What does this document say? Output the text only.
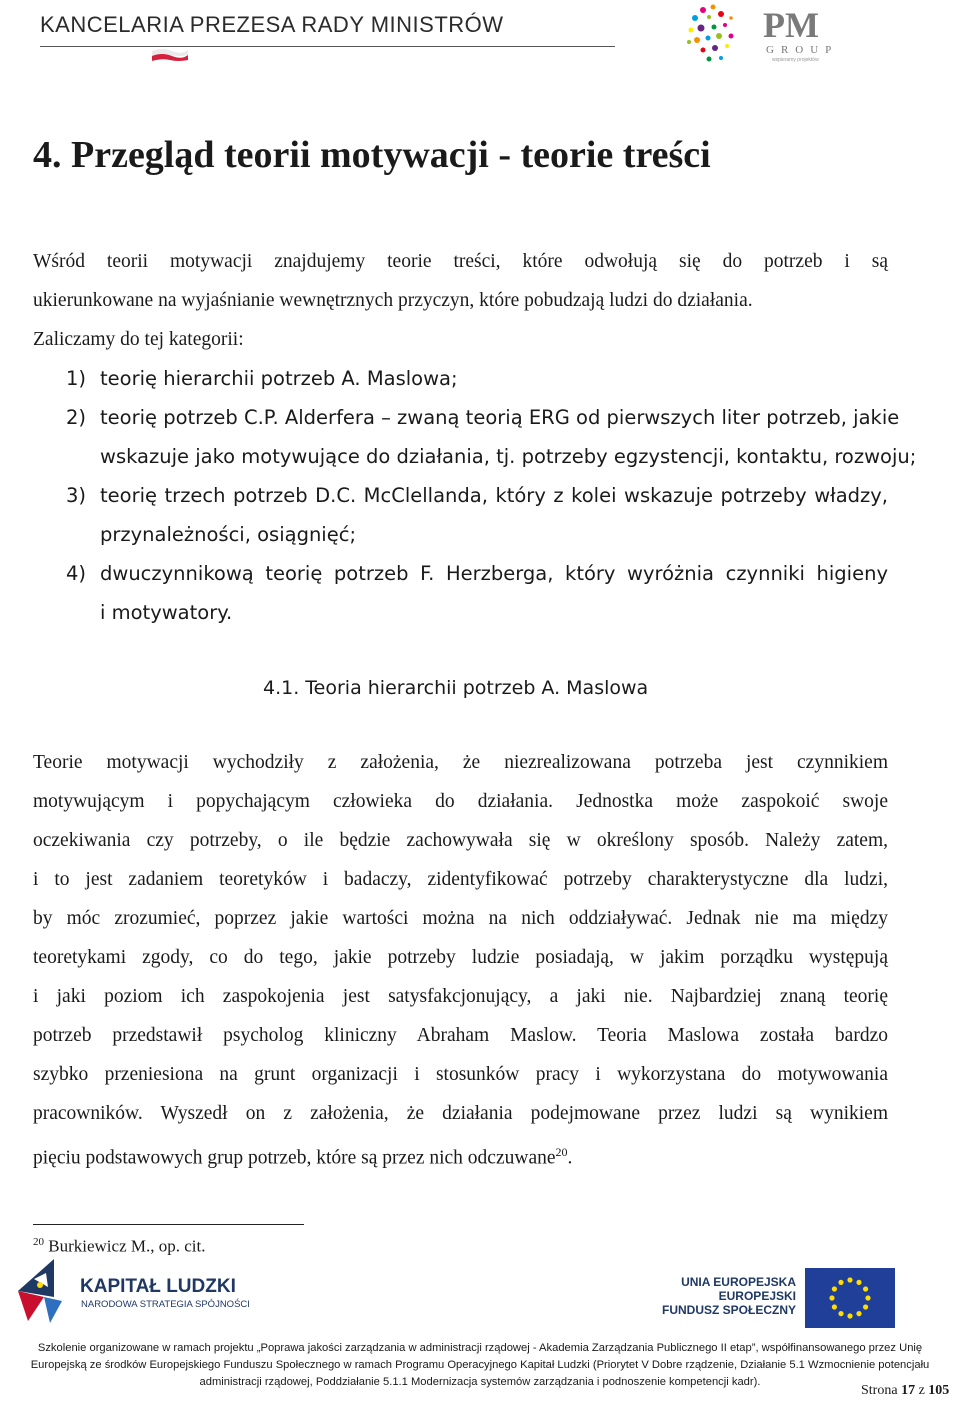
KANCELARIA PREZESA RADY MINISTRÓW	PM
GROUP
wspieramy projektów
4. Przegląd teorii motywacji - teorie treści
Wśród teorii motywacji znajdujemy teorie treści, które odwołują się do potrzeb i są
ukierunkowane na wyjaśnianie wewnętrznych przyczyn, które pobudzają ludzi do działania.
Zaliczamy do tej kategorii:
1) teorię hierarchii potrzeb A. Maslowa;
2) teorię potrzeb C.P. Alderfera – zwaną teorią ERG od pierwszych liter potrzeb, jakie
wskazuje jako motywujące do działania, tj. potrzeby egzystencji, kontaktu, rozwoju;
3) teorię trzech potrzeb D.C. McClellanda, który z kolei wskazuje potrzeby władzy,
przynależności, osiągnięć;
4) dwuczynnikową teorię potrzeb F. Herzberga, który wyróżnia czynniki higieny
i motywatory.
4.1. Teoria hierarchii potrzeb A. Maslowa
Teorie motywacji wychodziły z założenia, że niezrealizowana potrzeba jest czynnikiem
motywującym i popychającym człowieka do działania. Jednostka może zaspokoić swoje
oczekiwania czy potrzeby, o ile będzie zachowywała się w określony sposób. Należy zatem,
i to jest zadaniem teoretyków i badaczy, zidentyfikować potrzeby charakterystyczne dla ludzi,
by móc zrozumieć, poprzez jakie wartości można na nich oddziaływać. Jednak nie ma między
teoretykami zgody, co do tego, jakie potrzeby ludzie posiadają, w jakim porządku występują
i jaki poziom ich zaspokojenia jest satysfakcjonujący, a jaki nie. Najbardziej znaną teorię
potrzeb przedstawił psycholog kliniczny Abraham Maslow. Teoria Maslowa została bardzo
szybko przeniesiona na grunt organizacji i stosunków pracy i wykorzystana do motywowania
pracowników. Wyszedł on z założenia, że działania podejmowane przez ludzi są wynikiem
pięciu podstawowych grup potrzeb, które są przez nich odczuwane$^{20}$.
$^{20}$ Burkiewicz M., op. cit.
KAPITAŁ LUDZKI
NARODOWA STRATEGIA SPÓJNOŚCI
UNIA EUROPEJSKA
EUROPEJSKI
FUNDUSZ SPOŁECZNY
Szkolenie organizowane w ramach projektu „Poprawa jakości zarządzania w administracji rządowej - Akademia Zarządzania Publicznego II etap”, współfinansowanego przez Unię
Europejską ze środków Europejskiego Funduszu Społecznego w ramach Programu Operacyjnego Kapitał Ludzki (Priorytet V Dobre rządzenie, Działanie 5.1 Wzmocnienie potencjału
administracji rządowej, Poddziałanie 5.1.1 Modernizacja systemów zarządzania i podnoszenie kompetencji kadr).
Strona 17 z 105
